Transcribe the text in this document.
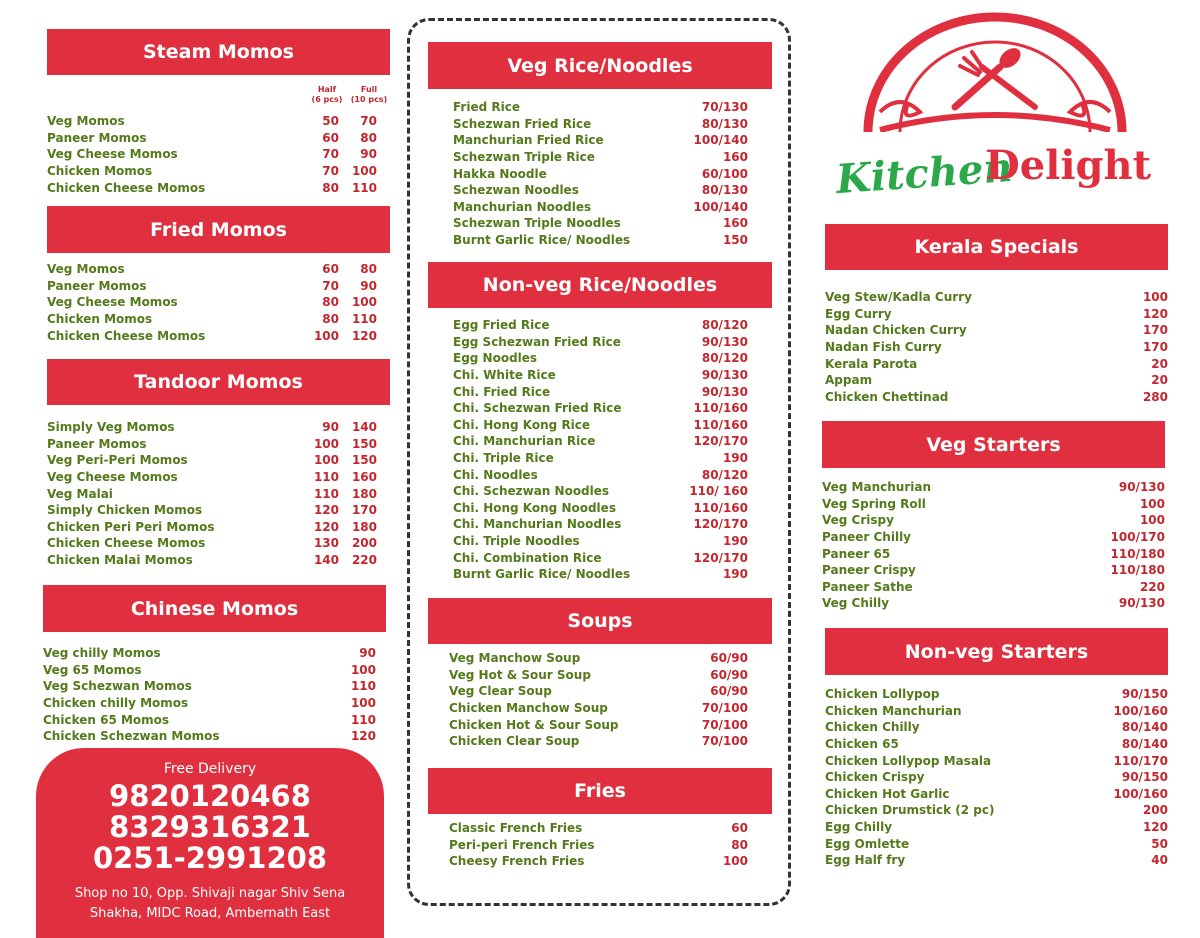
Steam Momos
Half
(6 pcs)
Full
(10 pcs)
Veg Momos	50	70
Paneer Momos	60	80
Veg Cheese Momos	70	90
Chicken Momos	70	100
Chicken Cheese Momos	80	110
Fried Momos
Veg Momos	60	80
Paneer Momos	70	90
Veg Cheese Momos	80	100
Chicken Momos	80	110
Chicken Cheese Momos	100	120
Tandoor Momos
Simply Veg Momos	90	140
Paneer Momos	100	150
Veg Peri-Peri Momos	100	150
Veg Cheese Momos	110	160
Veg Malai	110	180
Simply Chicken Momos	120	170
Chicken Peri Peri Momos	120	180
Chicken Cheese Momos	130	200
Chicken Malai Momos	140	220
Chinese Momos
Veg chilly Momos	90
Veg 65 Momos	100
Veg Schezwan Momos	110
Chicken chilly Momos	100
Chicken 65 Momos	110
Chicken Schezwan Momos	120
Free Delivery
9820120468
8329316321
0251-2991208
Shop no 10, Opp. Shivaji nagar Shiv Sena
Shakha, MIDC Road, Ambernath East
Veg Rice/Noodles
Fried Rice	70/130
Schezwan Fried Rice	80/130
Manchurian Fried Rice	100/140
Schezwan Triple Rice	160
Hakka Noodle	60/100
Schezwan Noodles	80/130
Manchurian Noodles	100/140
Schezwan Triple Noodles	160
Burnt Garlic Rice/ Noodles	150
Non-veg Rice/Noodles
Egg Fried Rice	80/120
Egg Schezwan Fried Rice	90/130
Egg Noodles	80/120
Chi. White Rice	90/130
Chi. Fried Rice	90/130
Chi. Schezwan Fried Rice	110/160
Chi. Hong Kong Rice	110/160
Chi. Manchurian Rice	120/170
Chi. Triple Rice	190
Chi. Noodles	80/120
Chi. Schezwan Noodles	110/ 160
Chi. Hong Kong Noodles	110/160
Chi. Manchurian Noodles	120/170
Chi. Triple Noodles	190
Chi. Combination Rice	120/170
Burnt Garlic Rice/ Noodles	190
Soups
Veg Manchow Soup	60/90
Veg Hot & Sour Soup	60/90
Veg Clear Soup	60/90
Chicken Manchow Soup	70/100
Chicken Hot & Sour Soup	70/100
Chicken Clear Soup	70/100
Fries
Classic French Fries	60
Peri-peri French Fries	80
Cheesy French Fries	100
Kitchen
Delight
Kerala Specials
Veg Stew/Kadla Curry	100
Egg Curry	120
Nadan Chicken Curry	170
Nadan Fish Curry	170
Kerala Parota	20
Appam	20
Chicken Chettinad	280
Veg Starters
Veg Manchurian	90/130
Veg Spring Roll	100
Veg Crispy	100
Paneer Chilly	100/170
Paneer 65	110/180
Paneer Crispy	110/180
Paneer Sathe	220
Veg Chilly	90/130
Non-veg Starters
Chicken Lollypop	90/150
Chicken Manchurian	100/160
Chicken Chilly	80/140
Chicken 65	80/140
Chicken Lollypop Masala	110/170
Chicken Crispy	90/150
Chicken Hot Garlic	100/160
Chicken Drumstick (2 pc)	200
Egg Chilly	120
Egg Omlette	50
Egg Half fry	40
